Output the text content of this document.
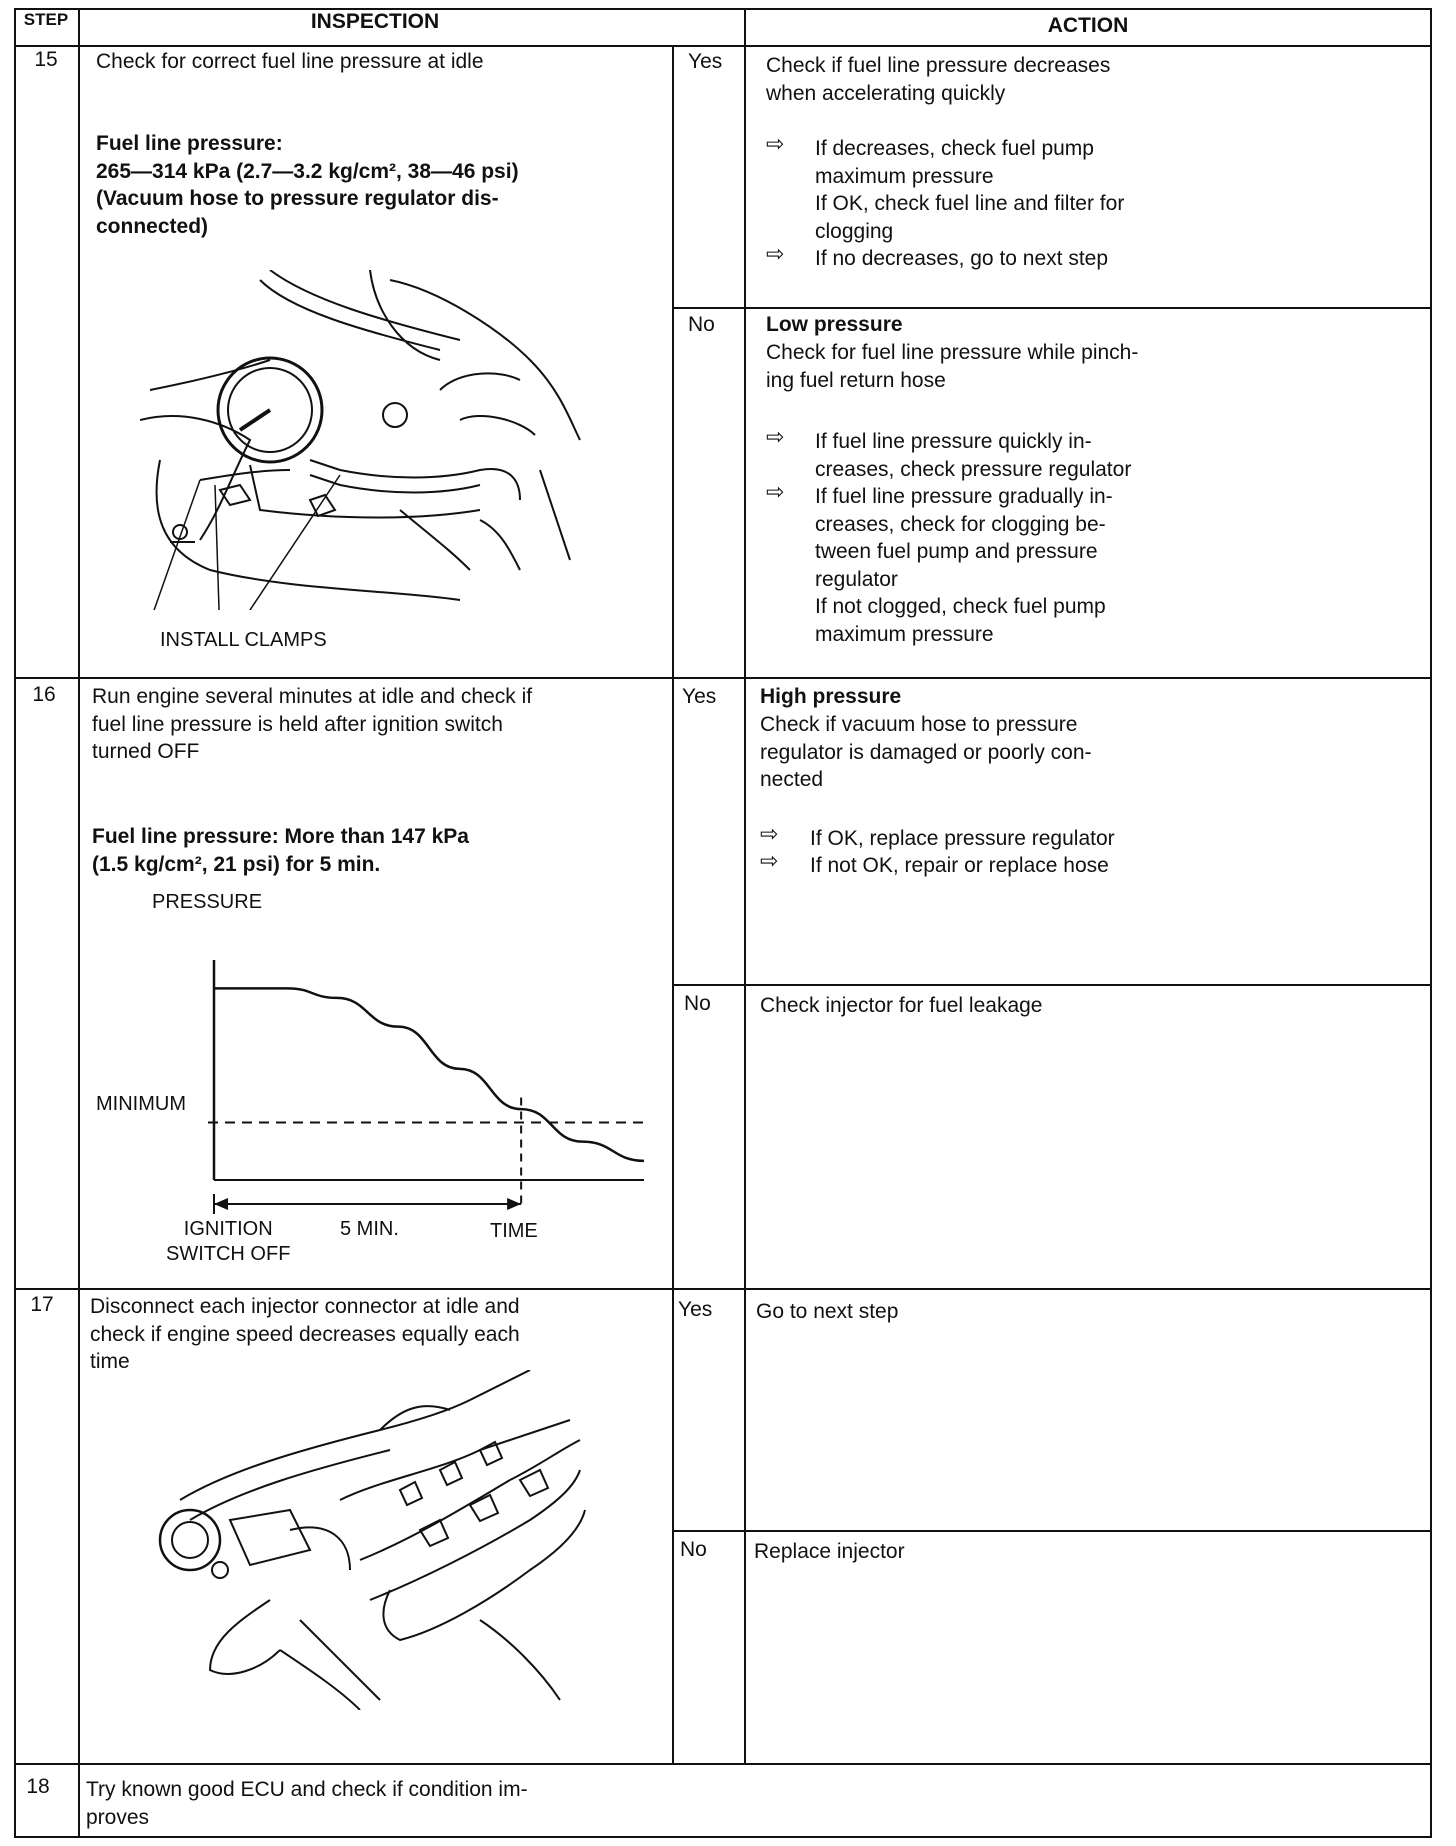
STEP	INSPECTION	ACTION
15	Check for correct fuel line pressure at idle
Fuel line pressure:
265—314 kPa (2.7—3.2 kg/cm², 38—46 psi)
(Vacuum hose to pressure regulator dis-
connected)
INSTALL CLAMPS
Yes Check if fuel line pressure decreases
when accelerating quickly
⇨ If decreases, check fuel pump
maximum pressure
If OK, check fuel line and filter for
clogging
⇨ If no decreases, go to next step
No Low pressure
Check for fuel line pressure while pinch-
ing fuel return hose
⇨ If fuel line pressure quickly in-
creases, check pressure regulator
⇨ If fuel line pressure gradually in-
creases, check for clogging be-
tween fuel pump and pressure
regulator
If not clogged, check fuel pump
maximum pressure
16	Run engine several minutes at idle and check if
fuel line pressure is held after ignition switch
turned OFF
Fuel line pressure: More than 147 kPa
(1.5 kg/cm², 21 psi) for 5 min.
PRESSURE
MINIMUM
IGNITION
SWITCH OFF
5 MIN.	TIME
Yes High pressure
Check if vacuum hose to pressure
regulator is damaged or poorly con-
nected
⇨ If OK, replace pressure regulator
⇨ If not OK, repair or replace hose
No Check injector for fuel leakage
17	Disconnect each injector connector at idle and
check if engine speed decreases equally each
time
Yes Go to next step
No Replace injector
18	Try known good ECU and check if condition im-
proves
